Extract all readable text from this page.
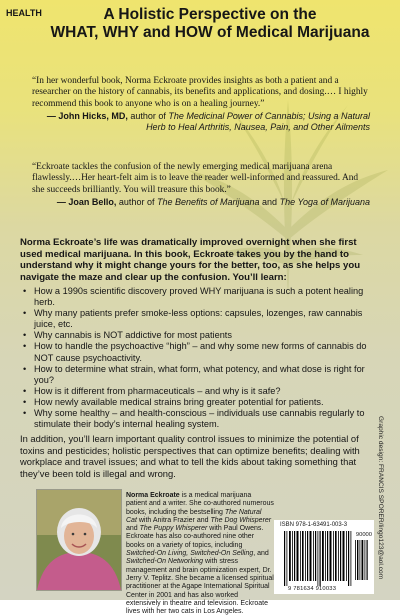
HEALTH	A Holistic Perspective on the
WHAT, WHY and HOW of Medical Marijuana
“In her wonderful book, Norma Eckroate provides insights as both a patient and a researcher on the history of cannabis, its benefits and applications, and dosing.… I highly recommend this book to anyone who is on a healing journey.”
— John Hicks, MD, author of The Medicinal Power of Cannabis; Using a Natural
Herb to Heal Arthritis, Nausea, Pain, and Other Ailments
“Eckroate tackles the confusion of the newly emerging medical marijuana arena flawlessly.…Her heart-felt aim is to leave the reader well-informed and reassured. And she succeeds brilliantly. You will treasure this book.”
— Joan Bello, author of The Benefits of Marijuana and The Yoga of Marijuana
Norma Eckroate’s life was dramatically improved overnight when she first used medical marijuana. In this book, Eckroate takes you by the hand to understand why it might change yours for the better, too, as she helps you navigate the maze and clear up the confusion. You’ll learn:
• How a 1990s scientific discovery proved WHY marijuana is such a potent healing herb.
• Why many patients prefer smoke-less options: capsules, lozenges, raw cannabis juice, etc.
• Why cannabis is NOT addictive for most patients
• How to handle the psychoactive “high” – and why some new forms of cannabis do NOT cause psychoactivity.
• How to determine what strain, what form, what potency, and what dose is right for you?
• How is it different from pharmaceuticals – and why is it safe?
• How newly available medical strains bring greater potential for patients.
• Why some healthy – and health-conscious – individuals use cannabis regularly to stimulate their body’s internal healing system.
In addition, you’ll learn important quality control issues to minimize the potential of toxins and pesticides; holistic perspectives that can optimize benefits; dealing with workplace and travel issues; and what to tell the kids about taking something that they’ve been told is illegal and wrong.
Norma Eckroate is a medical marijuana patient and a writer. She co-authored numerous books, including the bestselling The Natural Cat with Anitra Frazier and The Dog Whisperer and The Puppy Whisperer with Paul Owens. Eckroate has also co-authored nine other books on a variety of topics, including Switched-On Living, Switched-On Selling, and Switched-On Networking with stress management and brain optimization expert, Dr. Jerry V. Teplitz. She became a licensed spiritual practitioner at the Agape International Spiritual Center in 2001 and has also worked extensively in theatre and television. Eckroate lives with her two cats in Los Angeles.
ISBN 978-1-63491-003-3
90000
9 781634 910033
Graphic design: FRANCIS SPORER/lingo123@aol.com
